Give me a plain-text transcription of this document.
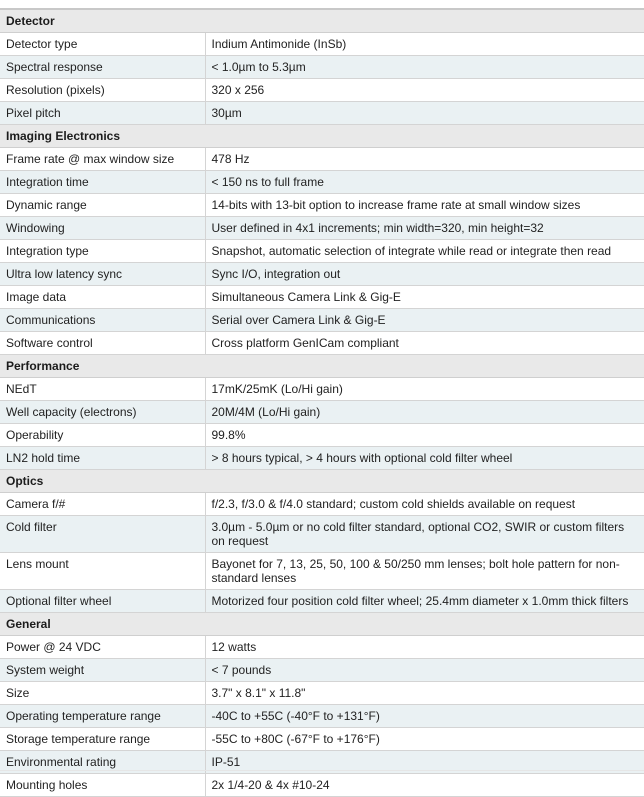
Detector	
Detector type	Indium Antimonide (InSb)
Spectral response	< 1.0µm to 5.3µm
Resolution (pixels)	320 x 256
Pixel pitch	30µm
Imaging Electronics	
Frame rate @ max window size	478 Hz
Integration time	< 150 ns to full frame
Dynamic range	14-bits with 13-bit option to increase frame rate at small window sizes
Windowing	User defined in 4x1 increments; min width=320, min height=32
Integration type	Snapshot, automatic selection of integrate while read or integrate then read
Ultra low latency sync	Sync I/O, integration out
Image data	Simultaneous Camera Link & Gig-E
Communications	Serial over Camera Link & Gig-E
Software control	Cross platform GenICam compliant
Performance	
NEdT	17mK/25mK (Lo/Hi gain)
Well capacity (electrons)	20M/4M (Lo/Hi gain)
Operability	99.8%
LN2 hold time	> 8 hours typical, > 4 hours with optional cold filter wheel
Optics	
Camera f/#	f/2.3, f/3.0 & f/4.0 standard; custom cold shields available on request
Cold filter	3.0µm - 5.0µm or no cold filter standard, optional CO2, SWIR or custom filters on request
Lens mount	Bayonet for 7, 13, 25, 50, 100 & 50/250 mm lenses; bolt hole pattern for non-standard lenses
Optional filter wheel	Motorized four position cold filter wheel; 25.4mm diameter x 1.0mm thick filters
General	
Power @ 24 VDC	12 watts
System weight	< 7 pounds
Size	3.7" x 8.1" x 11.8"
Operating temperature range	-40C to +55C (-40°F to +131°F)
Storage temperature range	-55C to +80C (-67°F to +176°F)
Environmental rating	IP-51
Mounting holes	2x 1/4-20 & 4x #10-24
